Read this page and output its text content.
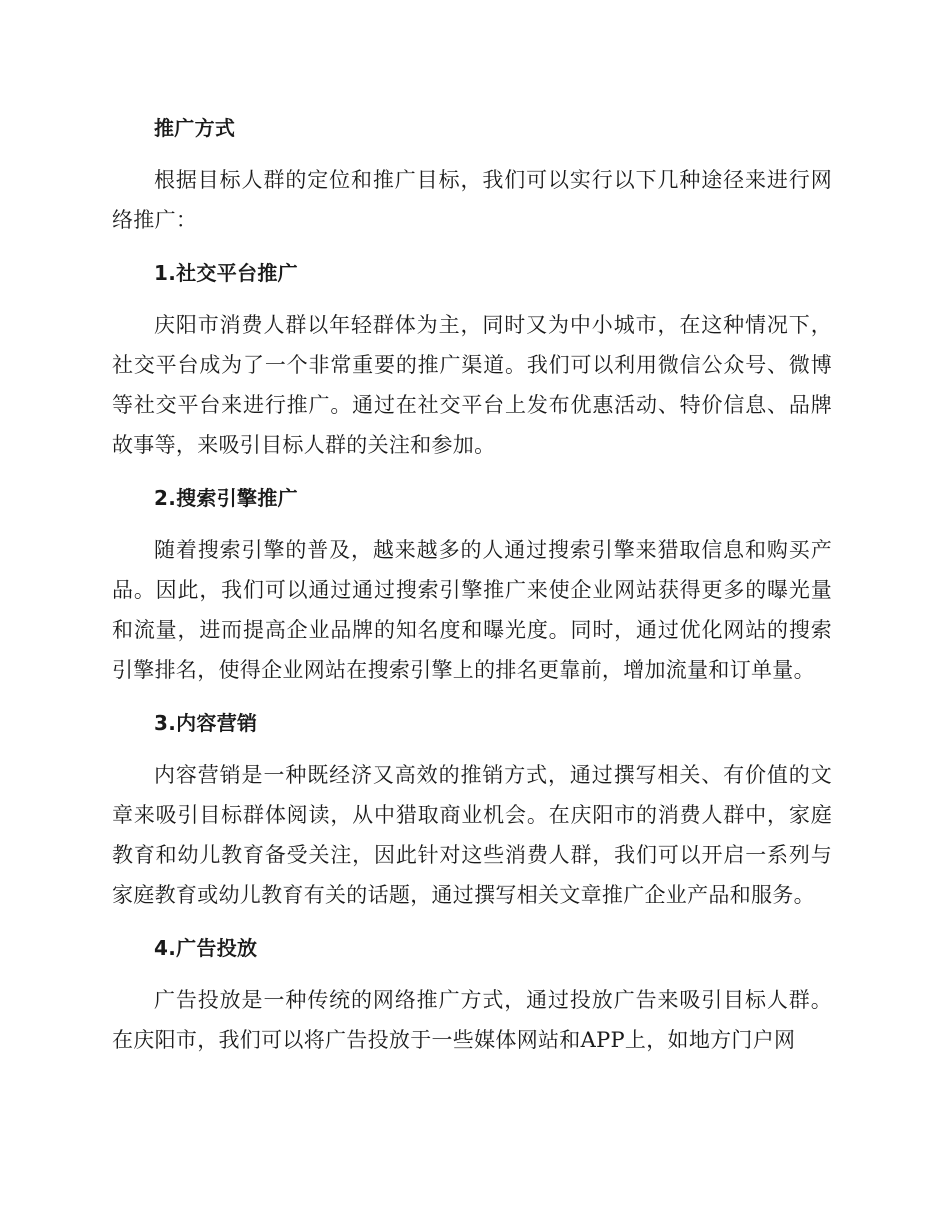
推广方式
根据目标人群的定位和推广目标，我们可以实行以下几种途径来进行网络推广：
1.社交平台推广
庆阳市消费人群以年轻群体为主，同时又为中小城市，在这种情况下，社交平台成为了一个非常重要的推广渠道。我们可以利用微信公众号、微博等社交平台来进行推广。通过在社交平台上发布优惠活动、特价信息、品牌故事等，来吸引目标人群的关注和参加。
2.搜索引擎推广
随着搜索引擎的普及，越来越多的人通过搜索引擎来猎取信息和购买产品。因此，我们可以通过通过搜索引擎推广来使企业网站获得更多的曝光量和流量，进而提高企业品牌的知名度和曝光度。同时，通过优化网站的搜索引擎排名，使得企业网站在搜索引擎上的排名更靠前，增加流量和订单量。
3.内容营销
内容营销是一种既经济又高效的推销方式，通过撰写相关、有价值的文章来吸引目标群体阅读，从中猎取商业机会。在庆阳市的消费人群中，家庭教育和幼儿教育备受关注，因此针对这些消费人群，我们可以开启一系列与家庭教育或幼儿教育有关的话题，通过撰写相关文章推广企业产品和服务。
4.广告投放
广告投放是一种传统的网络推广方式，通过投放广告来吸引目标人群。在庆阳市，我们可以将广告投放于一些媒体网站和APP上，如地方门户网
